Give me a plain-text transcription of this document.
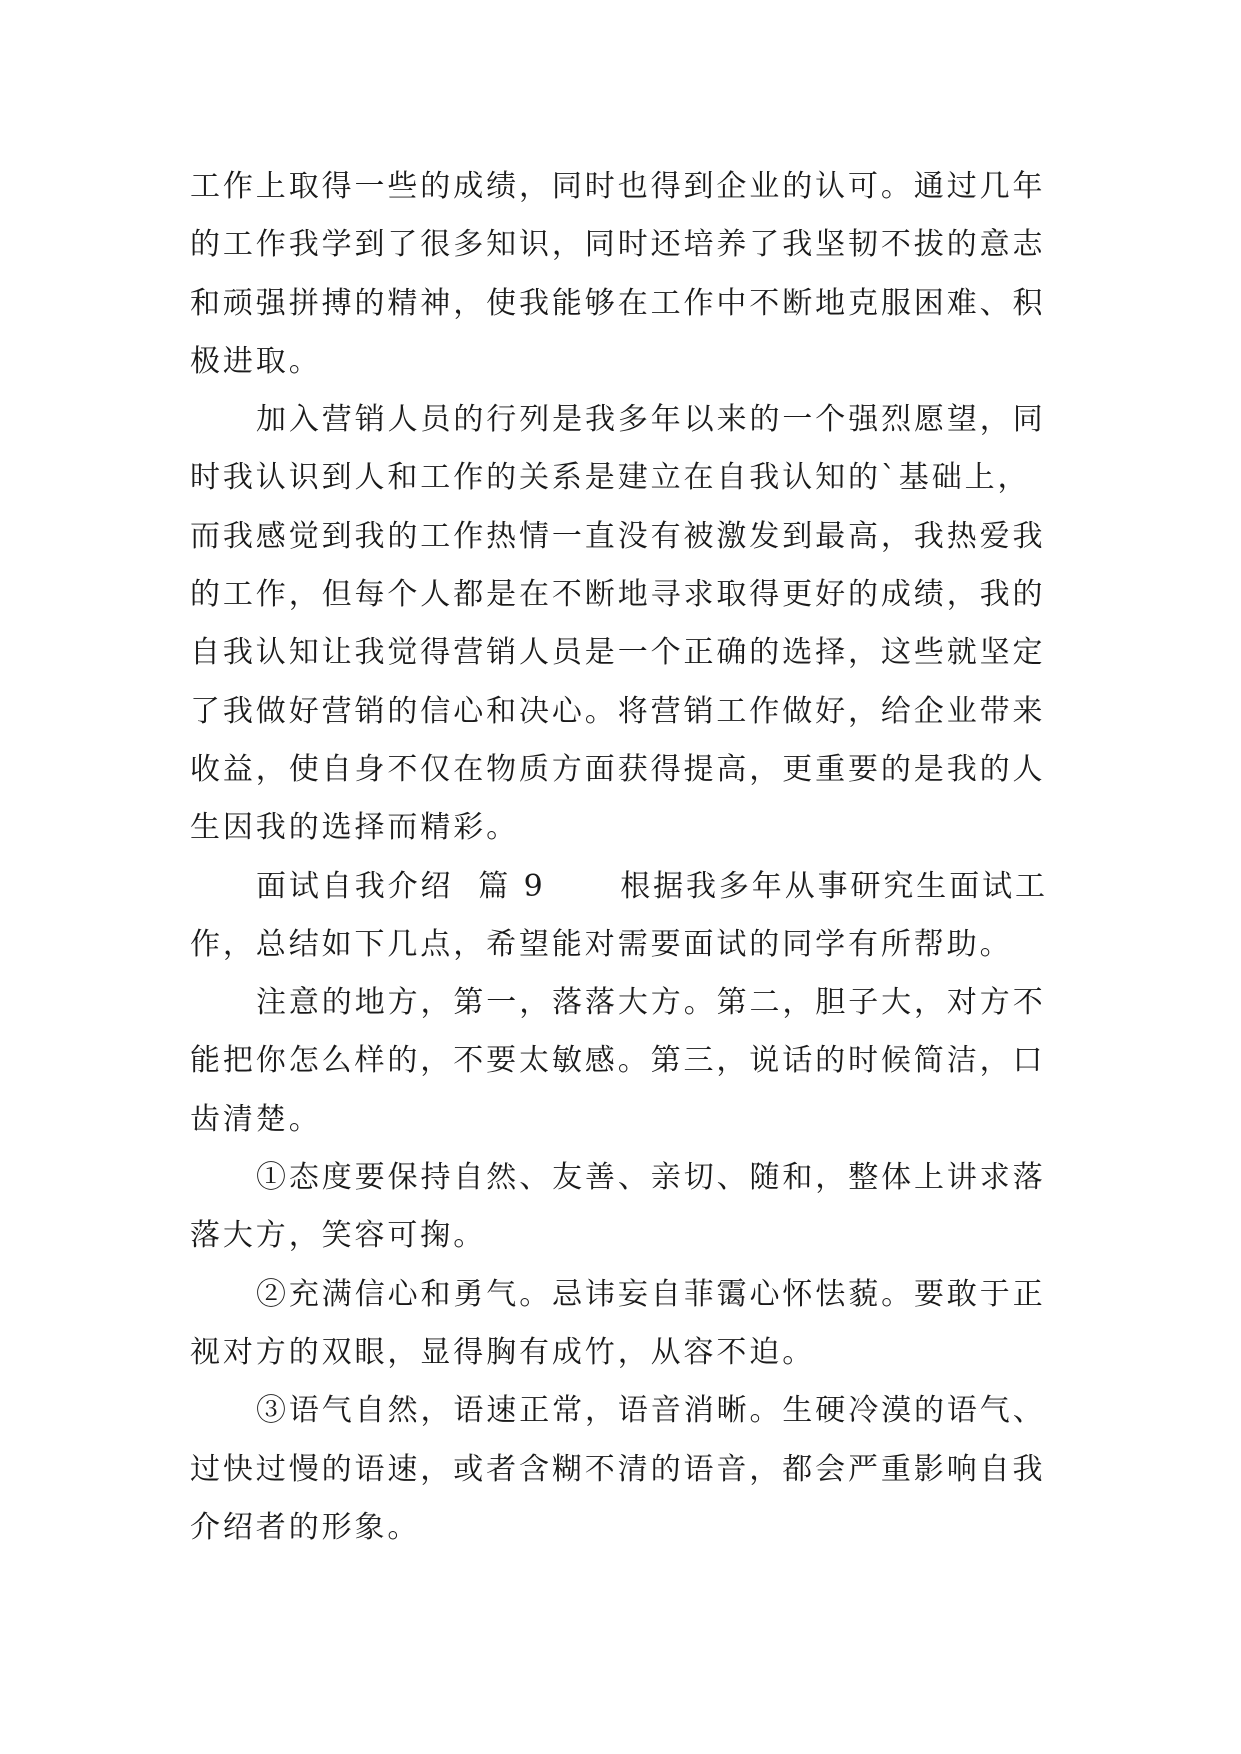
工作上取得一些的成绩，同时也得到企业的认可。通过几年
的工作我学到了很多知识，同时还培养了我坚韧不拔的意志
和顽强拼搏的精神，使我能够在工作中不断地克服困难、积
极进取。
加入营销人员的行列是我多年以来的一个强烈愿望，同
时我认识到人和工作的关系是建立在自我认知的`基础上，
而我感觉到我的工作热情一直没有被激发到最高，我热爱我
的工作，但每个人都是在不断地寻求取得更好的成绩，我的
自我认知让我觉得营销人员是一个正确的选择，这些就坚定
了我做好营销的信心和决心。将营销工作做好，给企业带来
收益，使自身不仅在物质方面获得提高，更重要的是我的人
生因我的选择而精彩。
面试自我介绍  篇 9      根据我多年从事研究生面试工
作，总结如下几点，希望能对需要面试的同学有所帮助。
注意的地方，第一，落落大方。第二，胆子大，对方不
能把你怎么样的，不要太敏感。第三，说话的时候简洁，口
齿清楚。
①态度要保持自然、友善、亲切、随和，整体上讲求落
落大方，笑容可掬。
②充满信心和勇气。忌讳妄自菲霭心怀怯藐。要敢于正
视对方的双眼，显得胸有成竹，从容不迫。
③语气自然，语速正常，语音消晰。生硬冷漠的语气、
过快过慢的语速，或者含糊不清的语音，都会严重影响自我
介绍者的形象。
